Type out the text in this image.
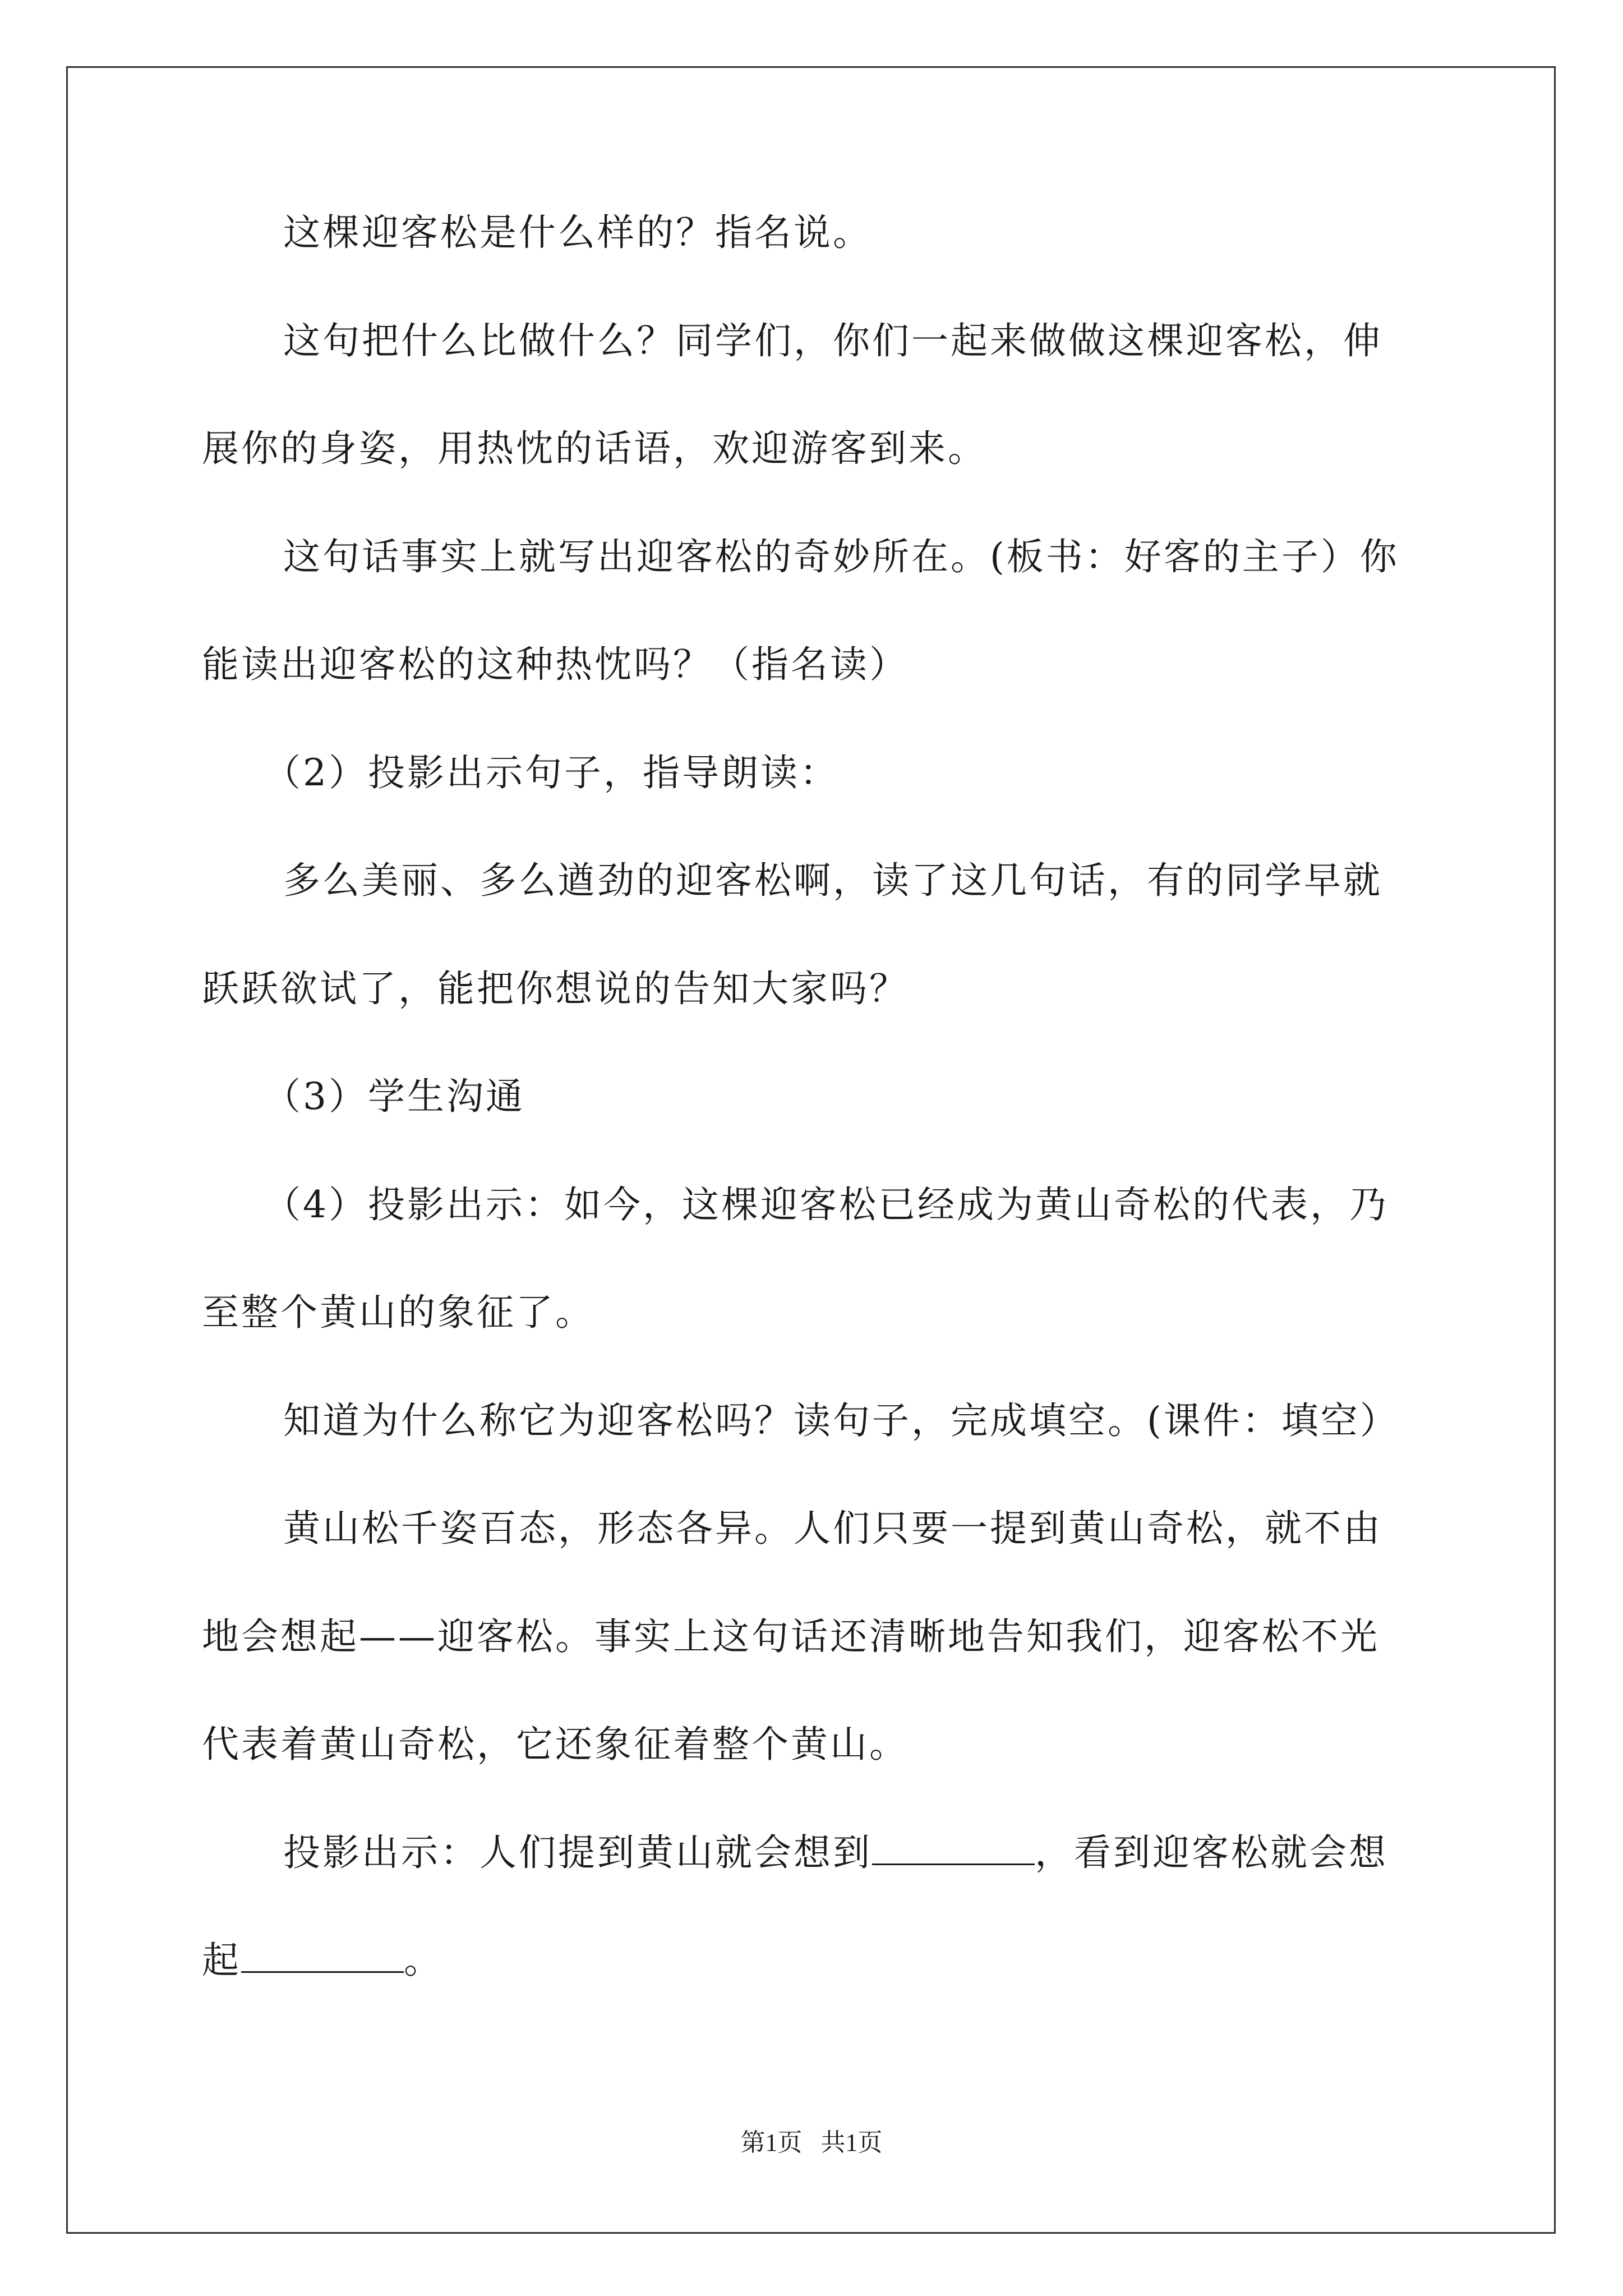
这棵迎客松是什么样的？指名说。
这句把什么比做什么？同学们，你们一起来做做这棵迎客松，伸
展你的身姿，用热忱的话语，欢迎游客到来。
这句话事实上就写出迎客松的奇妙所在。(板书：好客的主子）你
能读出迎客松的这种热忱吗？（指名读）
（2）投影出示句子，指导朗读：
多么美丽、多么遒劲的迎客松啊，读了这几句话，有的同学早就
跃跃欲试了，能把你想说的告知大家吗？
（3）学生沟通
（4）投影出示：如今，这棵迎客松已经成为黄山奇松的代表，乃
至整个黄山的象征了。
知道为什么称它为迎客松吗？读句子，完成填空。(课件：填空）
黄山松千姿百态，形态各异。人们只要一提到黄山奇松，就不由
地会想起——迎客松。事实上这句话还清晰地告知我们，迎客松不光
代表着黄山奇松，它还象征着整个黄山。
投影出示：人们提到黄山就会想到	，看到迎客松就会想
起	。
第1页   共1页
